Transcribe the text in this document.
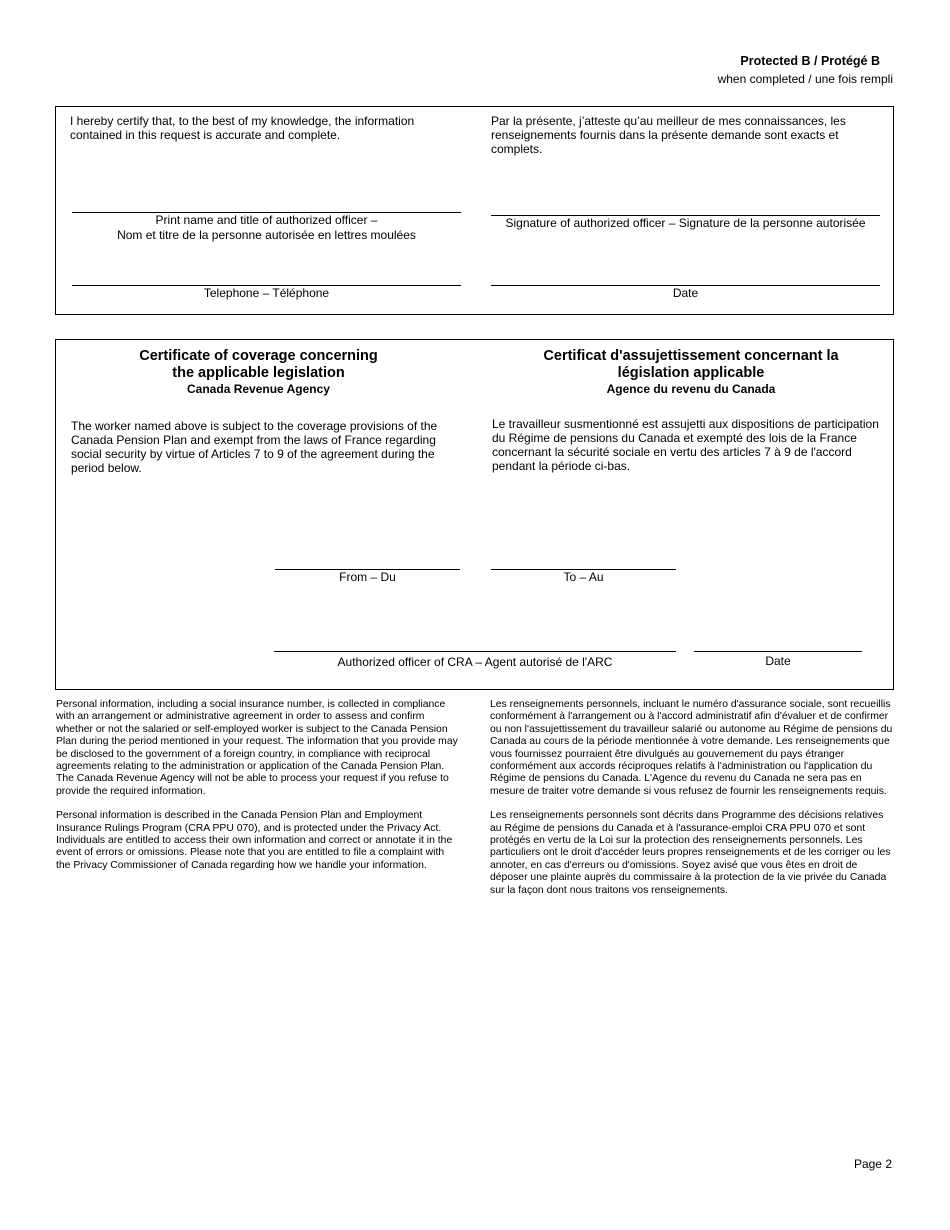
Protected B / Protégé B
when completed / une fois rempli
I hereby certify that, to the best of my knowledge, the information contained in this request is accurate and complete.
Par la présente, j’atteste qu’au meilleur de mes connaissances, les renseignements fournis dans la présente demande sont exacts et complets.
Print name and title of authorized officer –
Nom et titre de la personne autorisée en lettres moulées
Signature of authorized officer – Signature de la personne autorisée
Telephone – Téléphone	Date
Certificate of coverage concerning
the applicable legislation
Canada Revenue Agency
Certificat d'assujettissement concernant la
législation applicable
Agence du revenu du Canada
The worker named above is subject to the coverage provisions of the Canada Pension Plan and exempt from the laws of France regarding social security by virtue of Articles 7 to 9 of the agreement during the period below.
Le travailleur susmentionné est assujetti aux dispositions de participation du Régime de pensions du Canada et exempté des lois de la France concernant la sécurité sociale en vertu des articles 7 à 9 de l'accord pendant la période ci-bas.
From – Du	To – Au
Authorized officer of CRA – Agent autorisé de l'ARC	Date

Personal information, including a social insurance number, is collected in compliance with an arrangement or administrative agreement in order to assess and confirm whether or not the salaried or self-employed worker is subject to the Canada Pension Plan during the period mentioned in your request. The information that you provide may be disclosed to the government of a foreign country, in compliance with reciprocal agreements relating to the administration or application of the Canada Pension Plan. The Canada Revenue Agency will not be able to process your request if you refuse to provide the required information.

Personal information is described in the Canada Pension Plan and Employment Insurance Rulings Program (CRA PPU 070), and is protected under the Privacy Act. Individuals are entitled to access their own information and correct or annotate it in the event of errors or omissions. Please note that you are entitled to file a complaint with the Privacy Commissioner of Canada regarding how we handle your information.

Les renseignements personnels, incluant le numéro d'assurance sociale, sont recueillis conformément à l'arrangement ou à l'accord administratif afin d'évaluer et de confirmer ou non l'assujettissement du travailleur salarié ou autonome au Régime de pensions du Canada au cours de la période mentionnée à votre demande. Les renseignements que vous fournissez pourraient être divulgués au gouvernement du pays étranger conformément aux accords réciproques relatifs à l'administration ou l'application du Régime de pensions du Canada. L'Agence du revenu du Canada ne sera pas en mesure de traiter votre demande si vous refusez de fournir les renseignements requis.

Les renseignements personnels sont décrits dans Programme des décisions relatives au Régime de pensions du Canada et à l'assurance-emploi CRA PPU 070 et sont protégés en vertu de la Loi sur la protection des renseignements personnels. Les particuliers ont le droit d'accéder leurs propres renseignements et de les corriger ou les annoter, en cas d'erreurs ou d'omissions. Soyez avisé que vous êtes en droit de déposer une plainte auprès du commissaire à la protection de la vie privée du Canada sur la façon dont nous traitons vos renseignements.

Page 2
